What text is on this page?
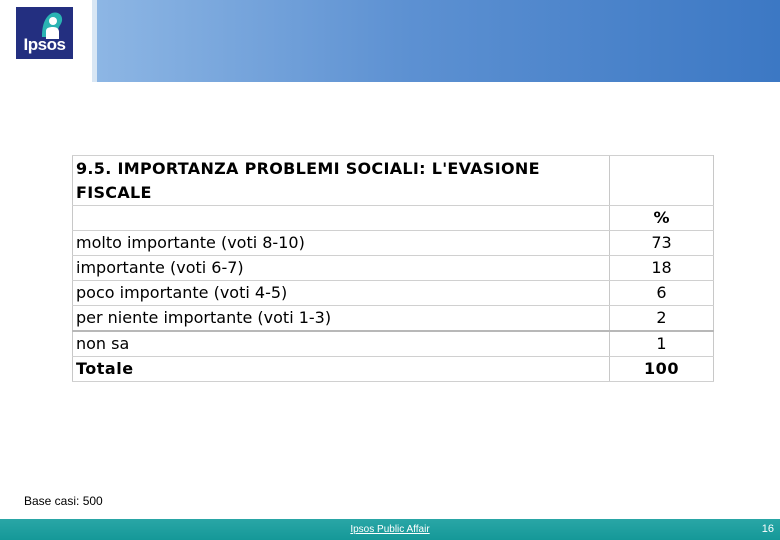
Ipsos
9.5. IMPORTANZA PROBLEMI SOCIALI: L'EVASIONE FISCALE	
	%
molto importante (voti 8-10)	73
importante (voti 6-7)	18
poco importante (voti 4-5)	6
per niente importante (voti 1-3)	2
non sa	1
Totale	100
Base casi: 500
Ipsos Public Affair	16
